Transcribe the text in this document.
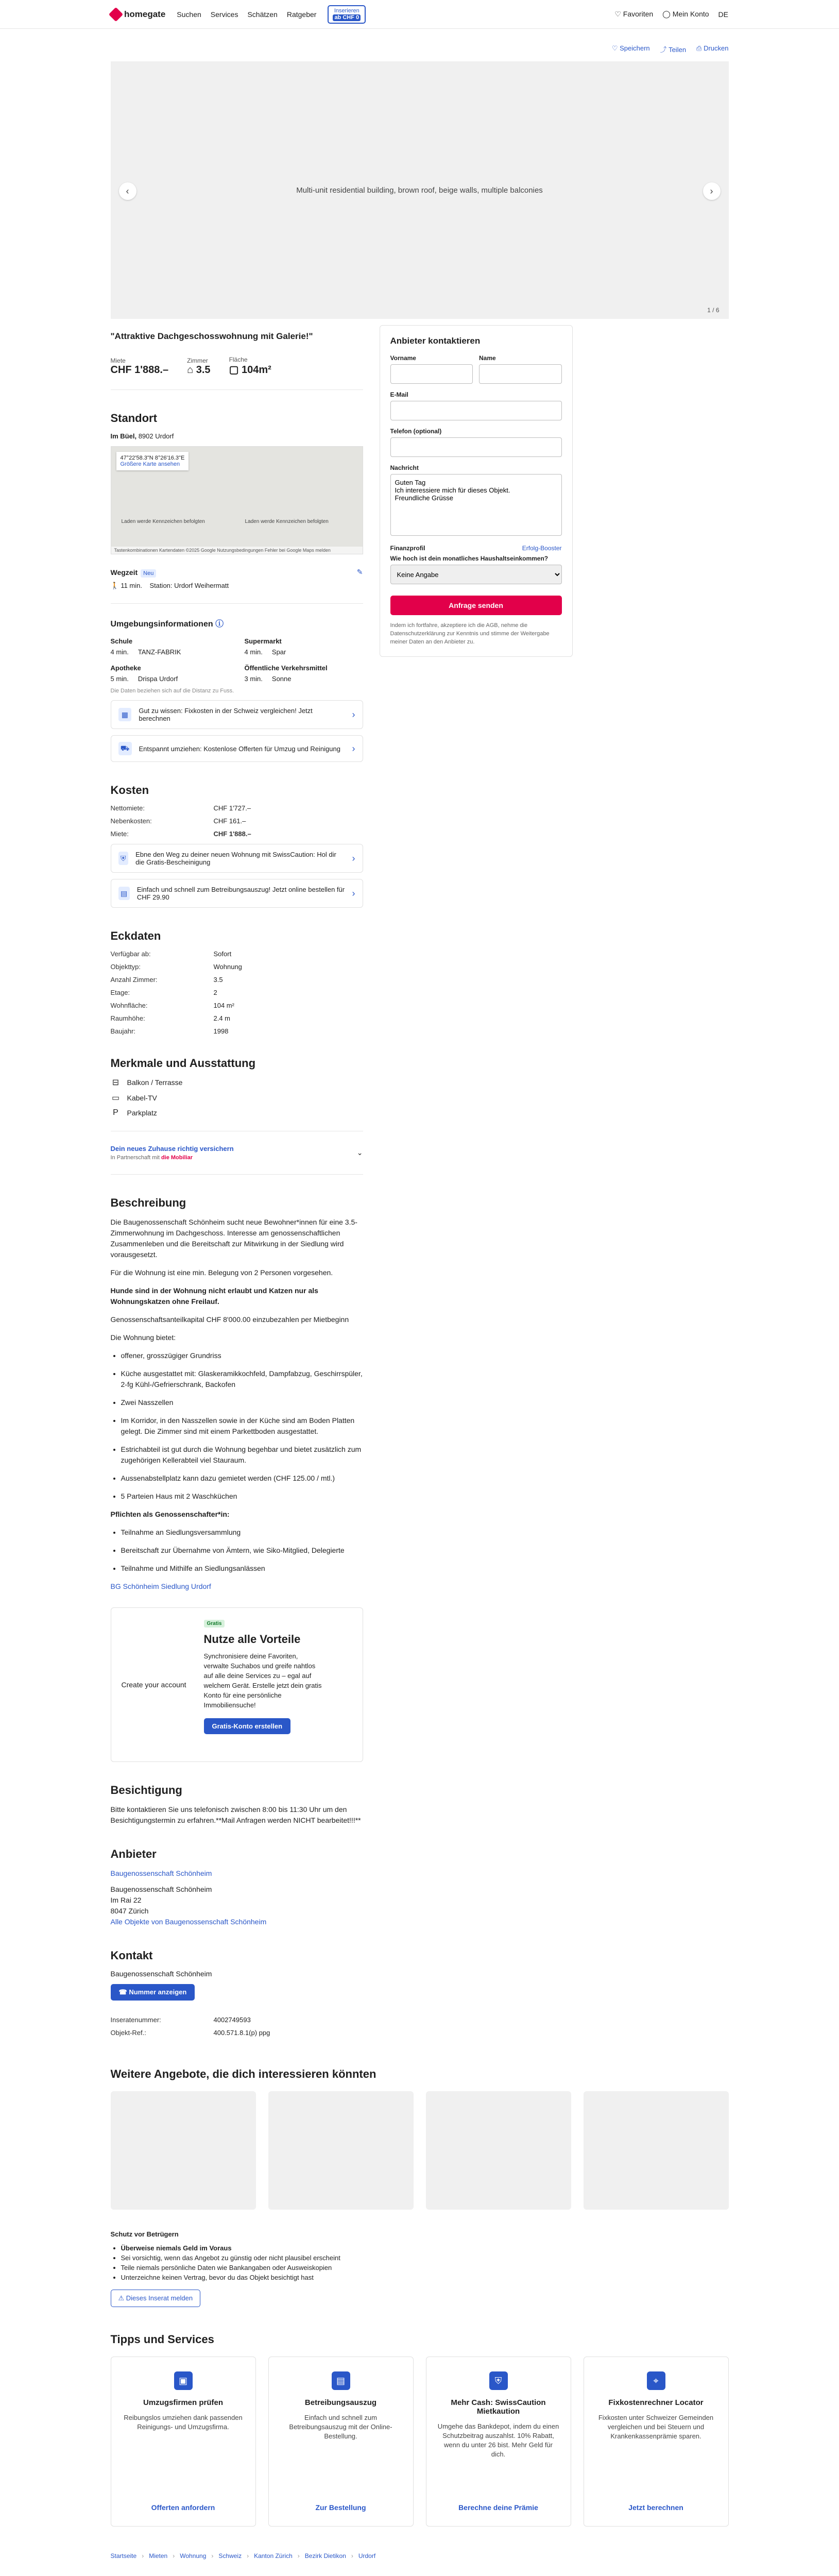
homegate Suchen Services Schätzen Ratgeber	Inserieren
ab CHF 0	♡ Favoriten ◯ Mein Konto DE
♡ Speichern ⤴ Teilen ⎙ Drucken
Multi-unit residential building, brown roof, beige walls, multiple balconies
‹	›
1 / 6
"Attraktive Dachgeschosswohnung mit Galerie!"
Miete
CHF 1'888.–
Zimmer
⌂ 3.5
Fläche
▢ 104m²
Standort
Im Büel, 8902 Urdorf
47°22'58.3"N 8°26'16.3"E
Größere Karte ansehen
Laden werde Kennzeichen befolgten	Laden werde Kennzeichen befolgten
Tastenkombinationen Kartendaten ©2025 Google Nutzungsbedingungen Fehler bei Google Maps melden
Wegzeit Neu	✎
🚶 11 min. Station: Urdorf Weihermatt
Umgebungsinformationen ⓘ
Schule
4 min. TANZ-FABRIK
Supermarkt
4 min. Spar
Apotheke
5 min. Drispa Urdorf
Öffentliche Verkehrsmittel
3 min. Sonne
Die Daten beziehen sich auf die Distanz zu Fuss.
▦	Gut zu wissen: Fixkosten in der Schweiz vergleichen! Jetzt berechnen	›
⛟	Entspannt umziehen: Kostenlose Offerten für Umzug und Reinigung ›
Kosten
Nettomiete:	CHF 1'727.–
Nebenkosten:	CHF 161.–
Miete:	CHF 1'888.–
⛨	Ebne den Weg zu deiner neuen Wohnung mit SwissCaution: Hol dir die Gratis-Bescheinigung	›
▤	Einfach und schnell zum Betreibungsauszug! Jetzt online bestellen für CHF 29.90	›
Eckdaten
Verfügbar ab:	Sofort
Objekttyp:	Wohnung
Anzahl Zimmer:	3.5
Etage:	2
Wohnfläche:	104 m²
Raumhöhe:	2.4 m
Baujahr:	1998
Merkmale und Ausstattung
⊟ Balkon / Terrasse
▭ Kabel-TV
P	Parkplatz
Dein neues Zuhause richtig versichern
In Partnerschaft mit die Mobiliar
⌄
Beschreibung

Die Baugenossenschaft Schönheim sucht neue Bewohner*innen für eine 3.5-Zimmerwohnung im Dachgeschoss. Interesse am genossenschaftlichen Zusammenleben und die Bereitschaft zur Mitwirkung in der Siedlung wird vorausgesetzt.

Für die Wohnung ist eine min. Belegung von 2 Personen vorgesehen.

Hunde sind in der Wohnung nicht erlaubt und Katzen nur als Wohnungskatzen ohne Freilauf.

Genossenschaftsanteilkapital CHF 8'000.00 einzubezahlen per Mietbeginn

Die Wohnung bietet:

• offener, grosszügiger Grundriss
• Küche ausgestattet mit: Glaskeramikkochfeld, Dampfabzug, Geschirrspüler, 2-fg Kühl-/Gefrierschrank, Backofen
• Zwei Nasszellen
• Im Korridor, in den Nasszellen sowie in der Küche sind am Boden Platten gelegt. Die Zimmer sind mit einem Parkettboden ausgestattet.
• Estrichabteil ist gut durch die Wohnung begehbar und bietet zusätzlich zum zugehörigen Kellerabteil viel Stauraum.
• Aussenabstellplatz kann dazu gemietet werden (CHF 125.00 / mtl.)
• 5 Parteien Haus mit 2 Waschküchen

Pflichten als Genossenschafter*in:

• Teilnahme an Siedlungsversammlung
• Bereitschaft zur Übernahme von Ämtern, wie Siko-Mitglied, Delegierte
• Teilnahme und Mithilfe an Siedlungsanlässen

BG Schönheim Siedlung Urdorf

Create your account
Gratis
Nutze alle Vorteile
Synchronisiere deine Favoriten, verwalte Suchabos und greife nahtlos auf alle deine Services zu – egal auf welchem Gerät. Erstelle jetzt dein gratis Konto für eine persönliche Immobiliensuche!
Gratis-Konto erstellen
Besichtigung

Bitte kontaktieren Sie uns telefonisch zwischen 8:00 bis 11:30 Uhr um den Besichtigungstermin zu erfahren.**Mail Anfragen werden NICHT bearbeitet!!!**

Anbieter
Baugenossenschaft Schönheim
Baugenossenschaft Schönheim
Im Rai 22
8047 Zürich
Alle Objekte von Baugenossenschaft Schönheim
Kontakt
Baugenossenschaft Schönheim
☎ Nummer anzeigen
Inseratenummer:	4002749593
Objekt-Ref.:	400.571.8.1(p) ppg
Anbieter kontaktieren
Vorname	Name
E-Mail
Telefon (optional)
Nachricht
Guten Tag Ich interessiere mich für dieses Objekt. Freundliche Grüsse
Finanzprofil	Erfolg-Booster
Wie hoch ist dein monatliches Haushaltseinkommen?
Keine Angabe
Anfrage senden
Indem ich fortfahre, akzeptiere ich die AGB, nehme die Datenschutzerklärung zur Kenntnis und stimme der Weitergabe meiner Daten an den Anbieter zu.
Weitere Angebote, die dich interessieren könnten
Schutz vor Betrügern
• Überweise niemals Geld im Voraus
• Sei vorsichtig, wenn das Angebot zu günstig oder nicht plausibel erscheint
• Teile niemals persönliche Daten wie Bankangaben oder Ausweiskopien
• Unterzeichne keinen Vertrag, bevor du das Objekt besichtigt hast
⚠ Dieses Inserat melden
Tipps und Services
▣
Umzugsfirmen prüfen

Reibungslos umziehen dank passenden Reinigungs- und Umzugsfirma.

Offerten anfordern
▤
Betreibungsauszug

Einfach und schnell zum Betreibungsauszug mit der Online-Bestellung.

Zur Bestellung
⛨
Mehr Cash: SwissCaution Mietkaution

Umgehe das Bankdepot, indem du einen Schutzbeitrag auszahlst. 10% Rabatt, wenn du unter 26 bist. Mehr Geld für dich.

Berechne deine Prämie
⌖
Fixkostenrechner Locator

Fixkosten unter Schweizer Gemeinden vergleichen und bei Steuern und Krankenkassenprämie sparen.

Jetzt berechnen
Startseite › Mieten › Wohnung › Schweiz › Kanton Zürich › Bezirk Dietikon › Urdorf
